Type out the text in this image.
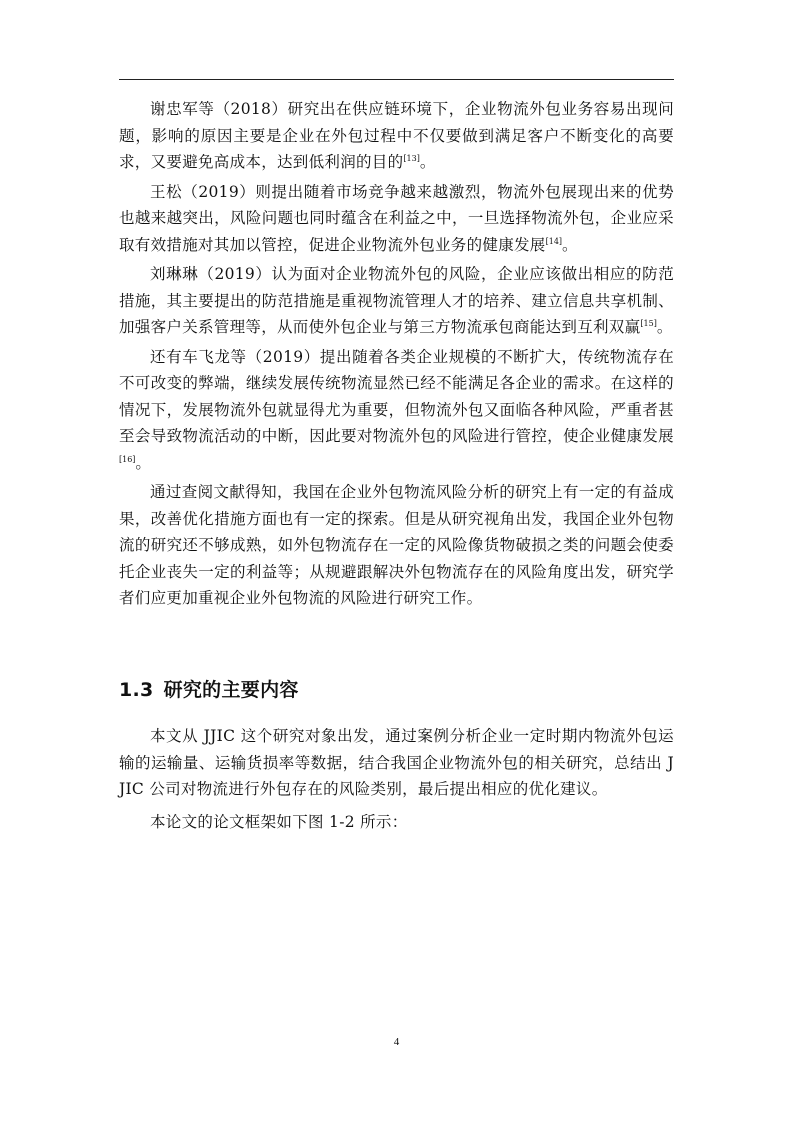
谢忠军等（2018）研究出在供应链环境下，企业物流外包业务容易出现问题，影响的原因主要是企业在外包过程中不仅要做到满足客户不断变化的高要求，又要避免高成本，达到低利润的目的[13]。

王松（2019）则提出随着市场竞争越来越激烈，物流外包展现出来的优势也越来越突出，风险问题也同时蕴含在利益之中，一旦选择物流外包，企业应采取有效措施对其加以管控，促进企业物流外包业务的健康发展[14]。

刘琳琳（2019）认为面对企业物流外包的风险，企业应该做出相应的防范措施，其主要提出的防范措施是重视物流管理人才的培养、建立信息共享机制、加强客户关系管理等，从而使外包企业与第三方物流承包商能达到互利双赢[15]。

还有车飞龙等（2019）提出随着各类企业规模的不断扩大，传统物流存在不可改变的弊端，继续发展传统物流显然已经不能满足各企业的需求。在这样的情况下，发展物流外包就显得尤为重要，但物流外包又面临各种风险，严重者甚至会导致物流活动的中断，因此要对物流外包的风险进行管控，使企业健康发展[16]。

通过查阅文献得知，我国在企业外包物流风险分析的研究上有一定的有益成果，改善优化措施方面也有一定的探索。但是从研究视角出发，我国企业外包物流的研究还不够成熟，如外包物流存在一定的风险像货物破损之类的问题会使委托企业丧失一定的利益等；从规避跟解决外包物流存在的风险角度出发，研究学者们应更加重视企业外包物流的风险进行研究工作。

1.3 研究的主要内容

本文从 JJIC 这个研究对象出发，通过案例分析企业一定时期内物流外包运输的运输量、运输货损率等数据，结合我国企业物流外包的相关研究，总结出 JJIC 公司对物流进行外包存在的风险类别，最后提出相应的优化建议。

本论文的论文框架如下图 1-2 所示：

4
